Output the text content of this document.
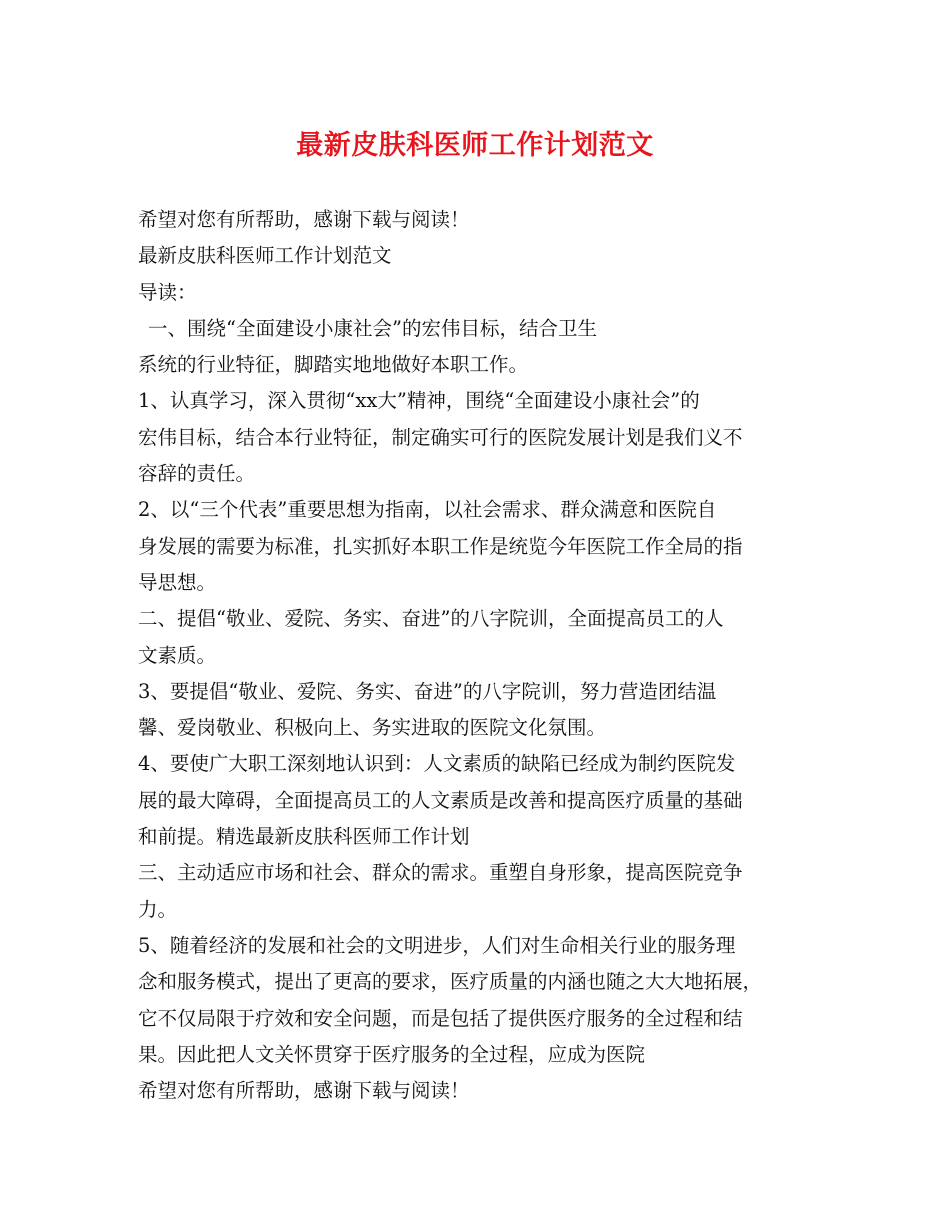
最新皮肤科医师工作计划范文

希望对您有所帮助，感谢下载与阅读！

最新皮肤科医师工作计划范文

导读：

一、围绕“全面建设小康社会”的宏伟目标，结合卫生

系统的行业特征，脚踏实地地做好本职工作。

1、认真学习，深入贯彻“xx大”精神，围绕“全面建设小康社会”的

宏伟目标，结合本行业特征，制定确实可行的医院发展计划是我们义不

容辞的责任。

2、以“三个代表”重要思想为指南，以社会需求、群众满意和医院自

身发展的需要为标准，扎实抓好本职工作是统览今年医院工作全局的指

导思想。

二、提倡“敬业、爱院、务实、奋进”的八字院训，全面提高员工的人

文素质。

3、要提倡“敬业、爱院、务实、奋进”的八字院训，努力营造团结温

馨、爱岗敬业、积极向上、务实进取的医院文化氛围。

4、要使广大职工深刻地认识到：人文素质的缺陷已经成为制约医院发

展的最大障碍，全面提高员工的人文素质是改善和提高医疗质量的基础

和前提。精选最新皮肤科医师工作计划

三、主动适应市场和社会、群众的需求。重塑自身形象，提高医院竞争

力。

5、随着经济的发展和社会的文明进步，人们对生命相关行业的服务理

念和服务模式，提出了更高的要求，医疗质量的内涵也随之大大地拓展，

它不仅局限于疗效和安全问题，而是包括了提供医疗服务的全过程和结

果。因此把人文关怀贯穿于医疗服务的全过程，应成为医院

希望对您有所帮助，感谢下载与阅读！
